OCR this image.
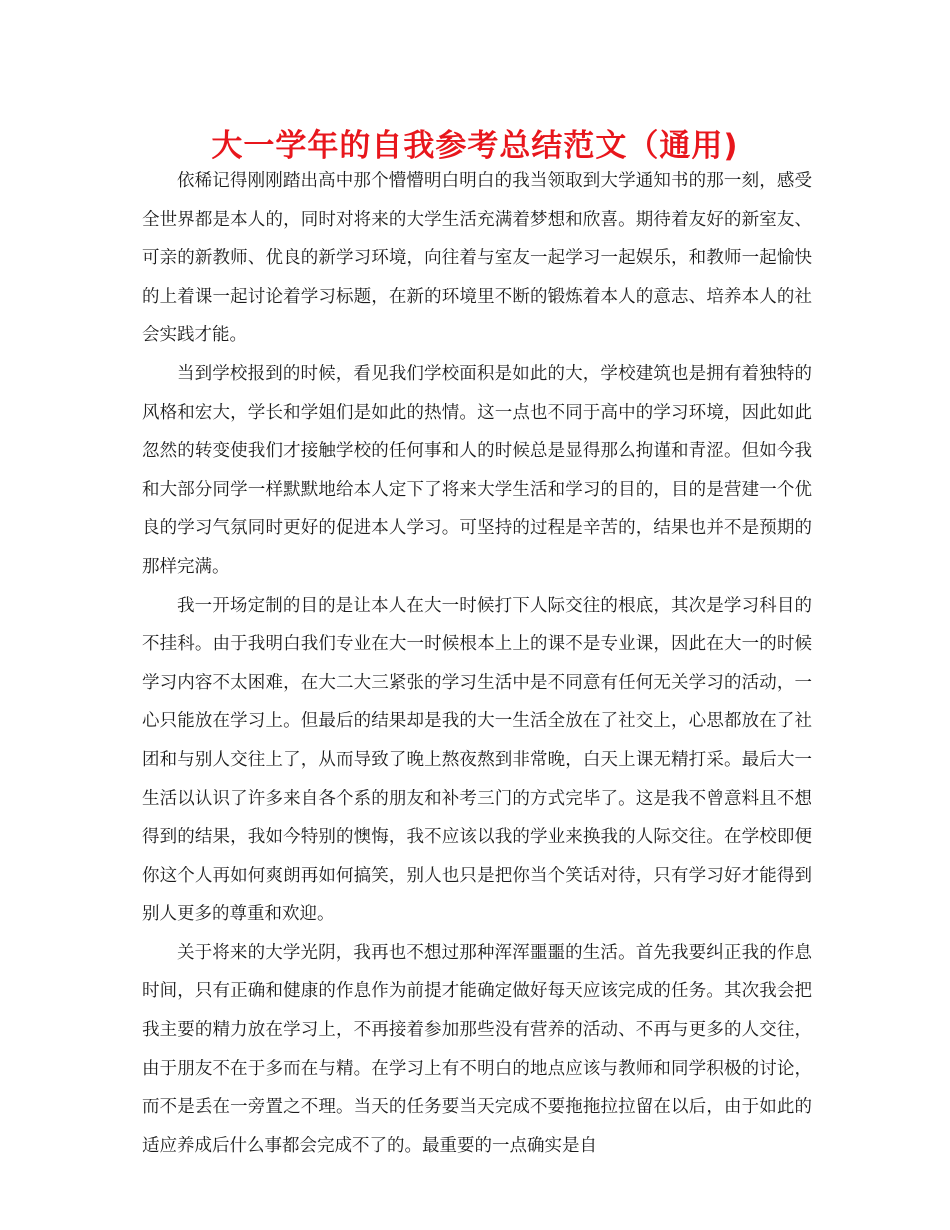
大一学年的自我参考总结范文（通用)

依稀记得刚刚踏出高中那个懵懵明白明白的我当领取到大学通知书的那一刻，感受全世界都是本人的，同时对将来的大学生活充满着梦想和欣喜。期待着友好的新室友、可亲的新教师、优良的新学习环境，向往着与室友一起学习一起娱乐，和教师一起愉快的上着课一起讨论着学习标题，在新的环境里不断的锻炼着本人的意志、培养本人的社会实践才能。

当到学校报到的时候，看见我们学校面积是如此的大，学校建筑也是拥有着独特的风格和宏大，学长和学姐们是如此的热情。这一点也不同于高中的学习环境，因此如此忽然的转变使我们才接触学校的任何事和人的时候总是显得那么拘谨和青涩。但如今我和大部分同学一样默默地给本人定下了将来大学生活和学习的目的，目的是营建一个优良的学习气氛同时更好的促进本人学习。可坚持的过程是辛苦的，结果也并不是预期的那样完满。

我一开场定制的目的是让本人在大一时候打下人际交往的根底，其次是学习科目的不挂科。由于我明白我们专业在大一时候根本上上的课不是专业课，因此在大一的时候学习内容不太困难，在大二大三紧张的学习生活中是不同意有任何无关学习的活动，一心只能放在学习上。但最后的结果却是我的大一生活全放在了社交上，心思都放在了社团和与别人交往上了，从而导致了晚上熬夜熬到非常晚，白天上课无精打采。最后大一生活以认识了许多来自各个系的朋友和补考三门的方式完毕了。这是我不曾意料且不想得到的结果，我如今特别的懊悔，我不应该以我的学业来换我的人际交往。在学校即便你这个人再如何爽朗再如何搞笑，别人也只是把你当个笑话对待，只有学习好才能得到别人更多的尊重和欢迎。

关于将来的大学光阴，我再也不想过那种浑浑噩噩的生活。首先我要纠正我的作息时间，只有正确和健康的作息作为前提才能确定做好每天应该完成的任务。其次我会把我主要的精力放在学习上，不再接着参加那些没有营养的活动、不再与更多的人交往，由于朋友不在于多而在与精。在学习上有不明白的地点应该与教师和同学积极的讨论，而不是丢在一旁置之不理。当天的任务要当天完成不要拖拖拉拉留在以后，由于如此的适应养成后什么事都会完成不了的。最重要的一点确实是自
